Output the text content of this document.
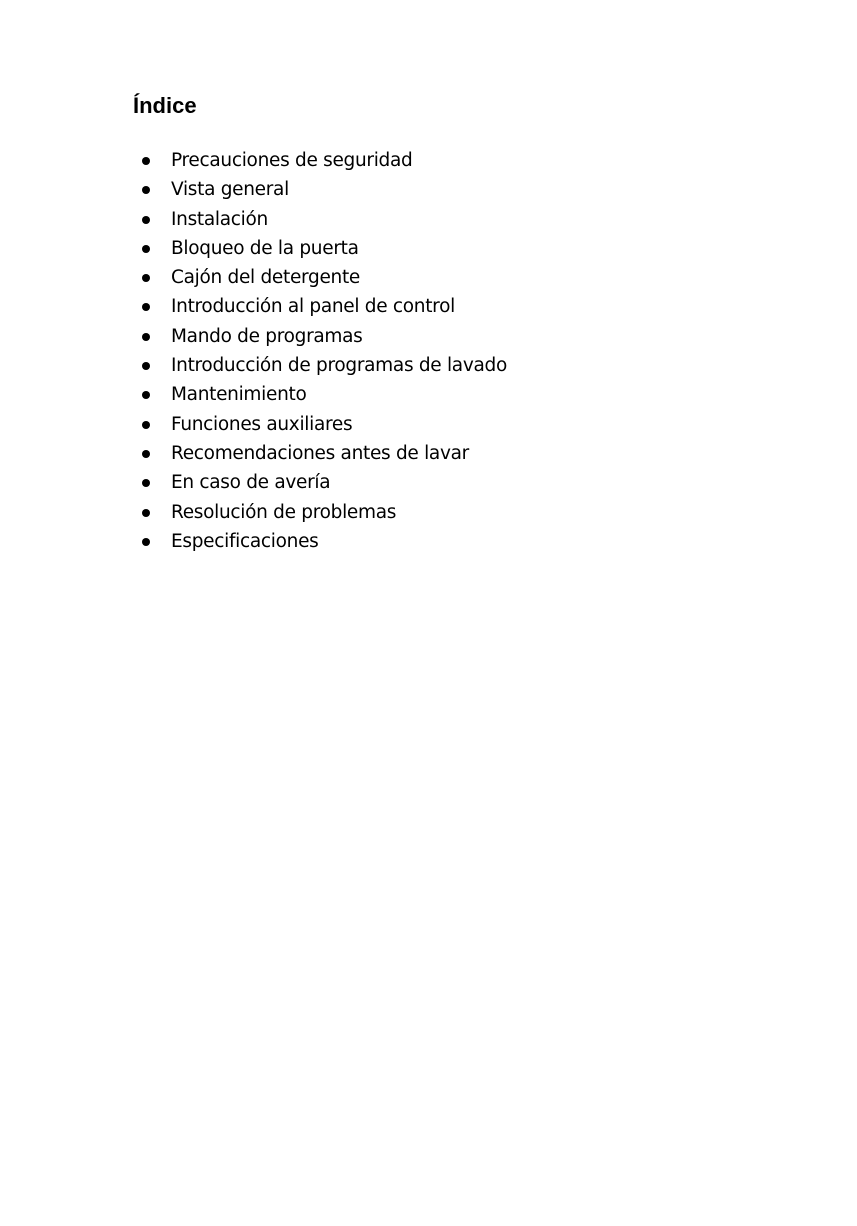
Índice
Precauciones de seguridad
Vista general
Instalación
Bloqueo de la puerta
Cajón del detergente
Introducción al panel de control
Mando de programas
Introducción de programas de lavado
Mantenimiento
Funciones auxiliares
Recomendaciones antes de lavar
En caso de avería
Resolución de problemas
Especificaciones
